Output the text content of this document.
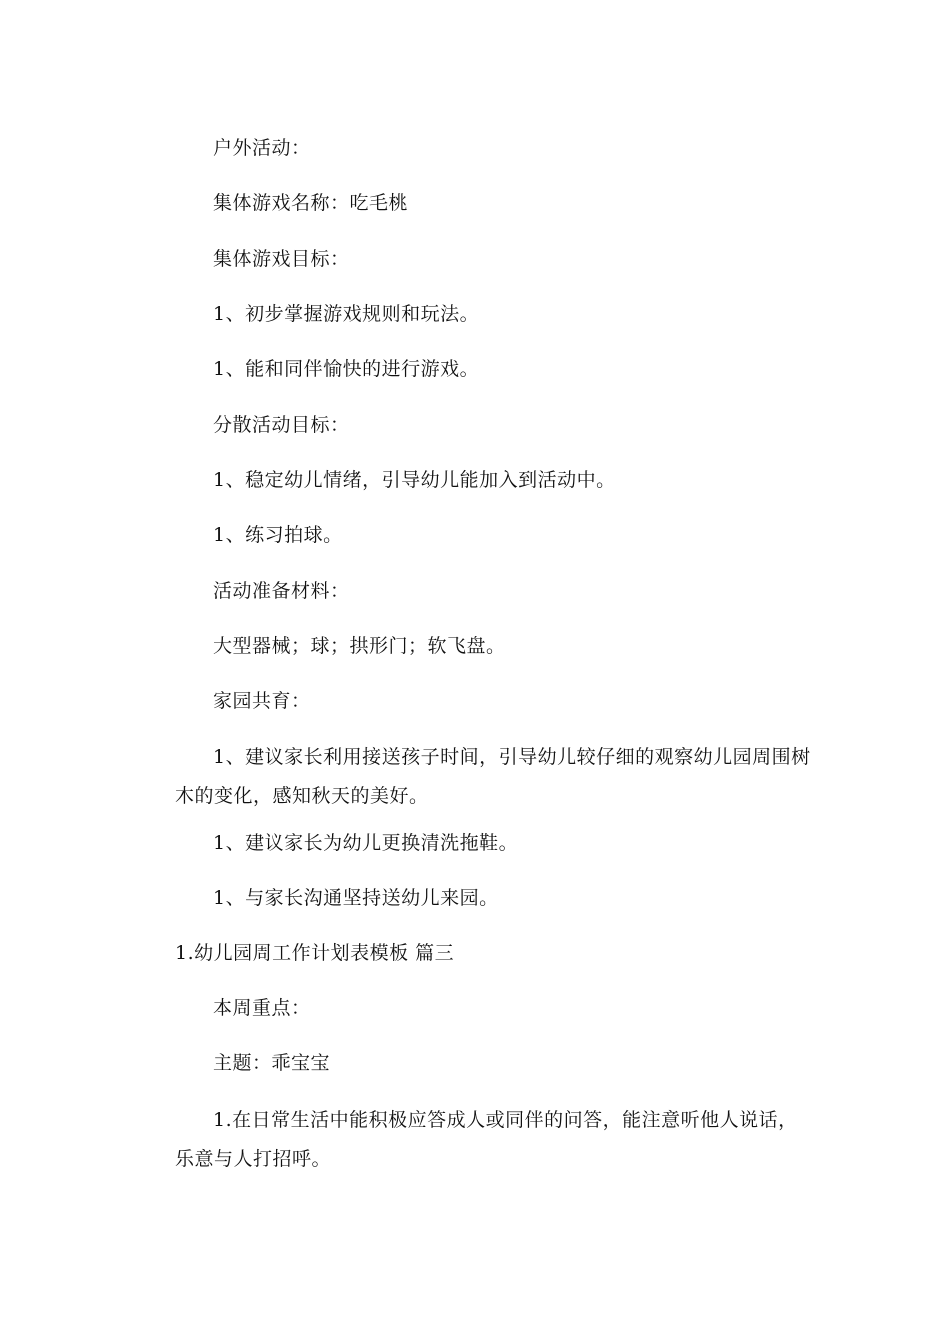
户外活动：
集体游戏名称：吃毛桃
集体游戏目标：
1、初步掌握游戏规则和玩法。
1、能和同伴愉快的进行游戏。
分散活动目标：
1、稳定幼儿情绪，引导幼儿能加入到活动中。
1、练习拍球。
活动准备材料：
大型器械；球；拱形门；软飞盘。
家园共育：
1、建议家长利用接送孩子时间，引导幼儿较仔细的观察幼儿园周围树木的变化，感知秋天的美好。
1、建议家长为幼儿更换清洗拖鞋。
1、与家长沟通坚持送幼儿来园。
1.幼儿园周工作计划表模板 篇三
本周重点：
主题：乖宝宝
1.在日常生活中能积极应答成人或同伴的问答，能注意听他人说话，乐意与人打招呼。
